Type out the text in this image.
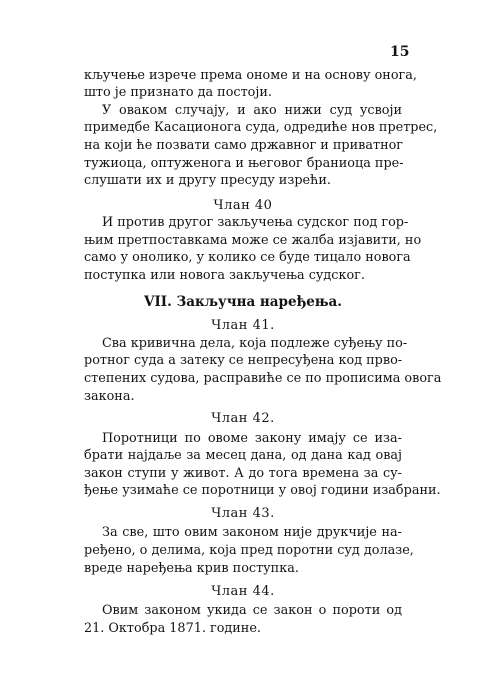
15
кључење изрече према ономе и на основу онога,
што је признато да постоји.
У оваком случају, и ако нижи суд усвоји
примедбе Касационога суда, одредиће нов претрес,
на који ће позвати само државног и приватног
тужиоца, оптуженога и његовог браниоца пре-
слушати их и другу пресуду изрећи.
Члан 40
И против другог закључења судског под гор-
њим претпоставкама може се жалба изјавити, но
само у онолико, у колико се буде тицало новога
поступка или новога закључења судског.
VII. Закључна наређења.
Члан 41.
Сва кривична дела, која подлеже суђењу по-
ротног суда а затеку се непресуђена код прво-
степених судова, расправиће се по прописима овога
закона.
Члан 42.
Поротници по овоме закону имају се иза-
брати најдаље за месец дана, од дана кад овај
закон ступи у живот. А до тога времена за су-
ђење узимаће се поротници у овој години изабрани.
Члан 43.
За све, што овим законом није друкчије на-
ређено, о делима, која пред поротни суд долазе,
вреде наређења крив поступка.
Члан 44.
Овим законом укида се закон о пороти од
21. Октобра 1871. године.
